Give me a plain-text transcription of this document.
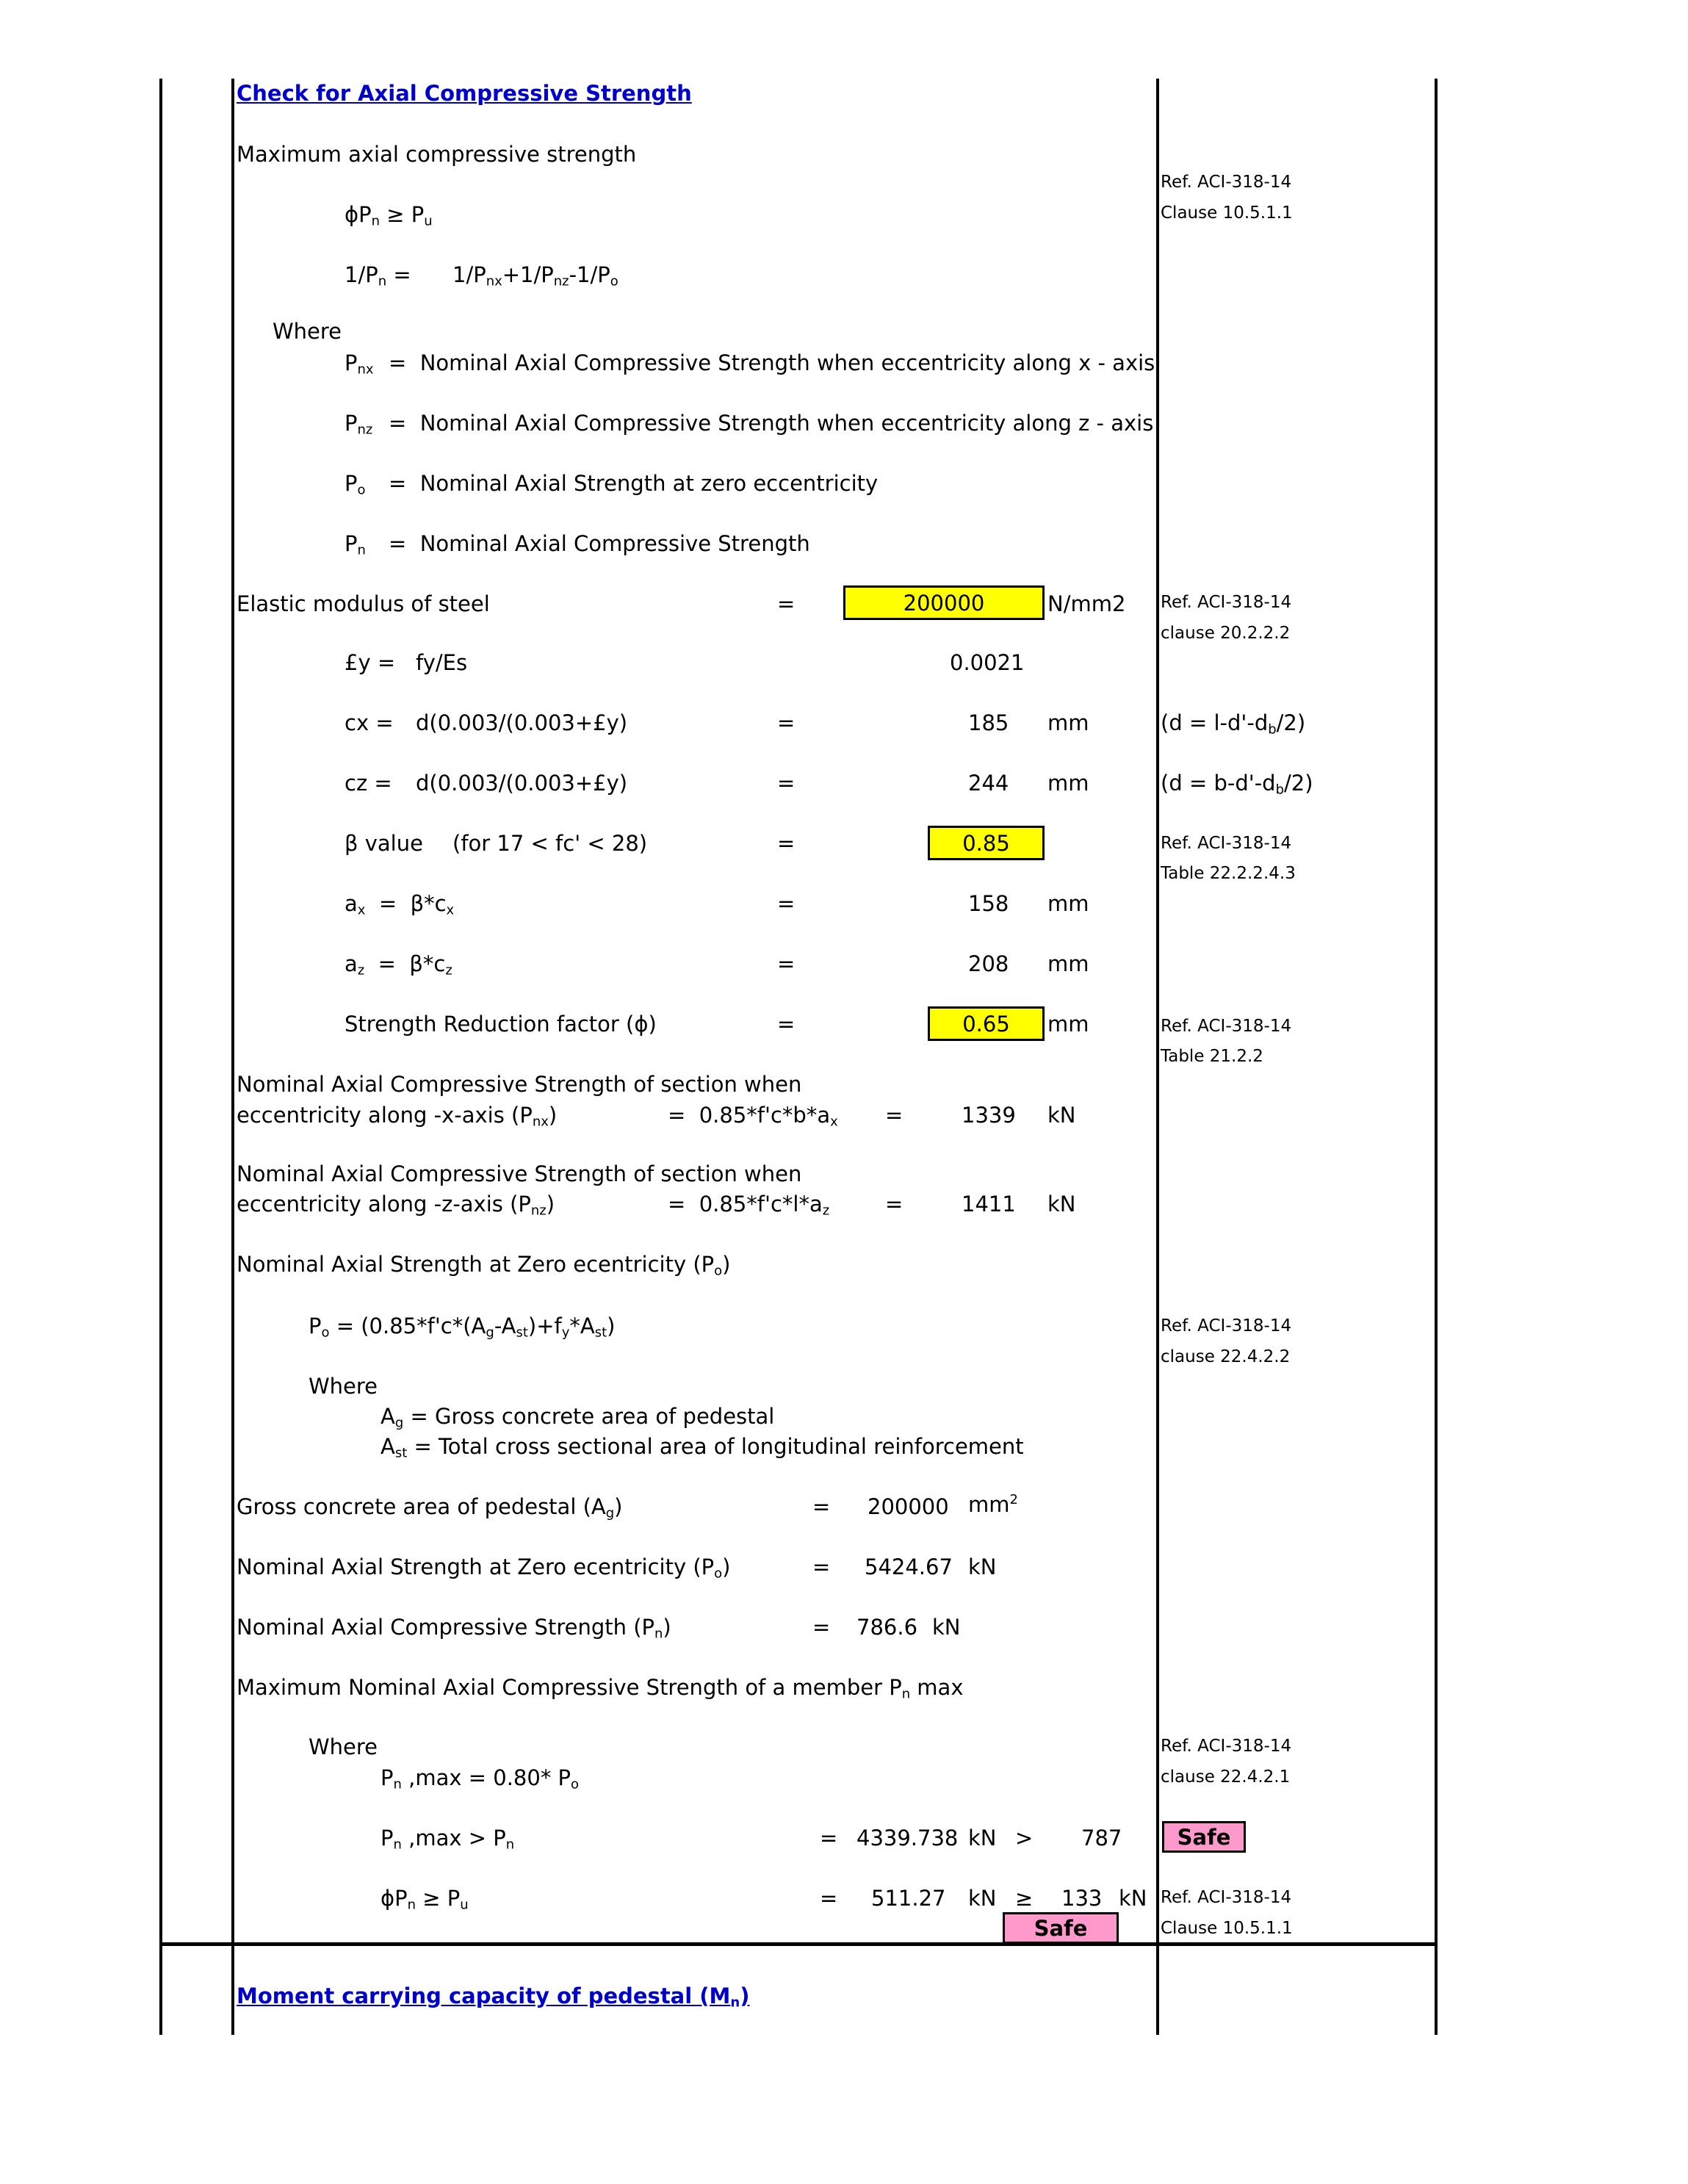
Check for Axial Compressive Strength
Maximum axial compressive strength
Ref. ACI-318-14
Clause 10.5.1.1
$\phi P_n \ge P_u$
$1/P_n = 1/P_{nx}+1/P_{nz}-1/P_o$
Where
$P_{nx}$ =  Nominal Axial Compressive Strength when eccentricity along x - axis
$P_{nz}$ =  Nominal Axial Compressive Strength when eccentricity along z - axis
$P_o$ =  Nominal Axial Strength at zero eccentricity
$P_n$ =  Nominal Axial Compressive Strength
Elastic modulus of steel	=	200000	N/mm2 Ref. ACI-318-14
clause 20.2.2.2
£y = fy/Es	0.0021
cx = d(0.003/(0.003+£y)	=	185 mm	$(d = l-d'-d_b/2)$
cz = d(0.003/(0.003+£y)	=	244 mm	$(d = b-d'-d_b/2)$
β value (for 17 < fc' < 28)	=	0.85	Ref. ACI-318-14
Table 22.2.2.4.3
$a_x = \beta*c_x$	=	158 mm
$a_z = \beta*c_z$	=	208 mm
Strength Reduction factor (ϕ)	=	0.65	mm	Ref. ACI-318-14
Table 21.2.2
Nominal Axial Compressive Strength of section when
eccentricity along -x-axis $(P_{nx})$	=  $0.85*f'c*b*a_x$ =	1339 kN
Nominal Axial Compressive Strength of section when
eccentricity along -z-axis $(P_{nz})$	=  $0.85*f'c*l*a_z$	=	1411 kN
Nominal Axial Strength at Zero ecentricity $(P_o)$
$P_o = (0.85*f'c*(A_g-A_{st})+f_y*A_{st})$	Ref. ACI-318-14
clause 22.4.2.2
Where
$A_g$ = Gross concrete area of pedestal
$A_{st}$ = Total cross sectional area of longitudinal reinforcement
Gross concrete area of pedestal $(A_g)$	= 200000 $mm^2$
Nominal Axial Strength at Zero ecentricity $(P_o)$	= 5424.67 kN
Nominal Axial Compressive Strength $(P_n)$	= 786.6 kN
Maximum Nominal Axial Compressive Strength of a member $P_n$ max
Where	Ref. ACI-318-14
clause 22.4.2.1
$P_n$ ,max = 0.80* $P_o$
$P_n$ $,\max > P_n$	= 4339.738 kN > 787	Safe
$\phi P_n \ge P_u$	= 511.27 kN ≥ 133 kN Ref. ACI-318-14
Clause 10.5.1.1
Safe
Moment carrying capacity of pedestal $(M_n)$
